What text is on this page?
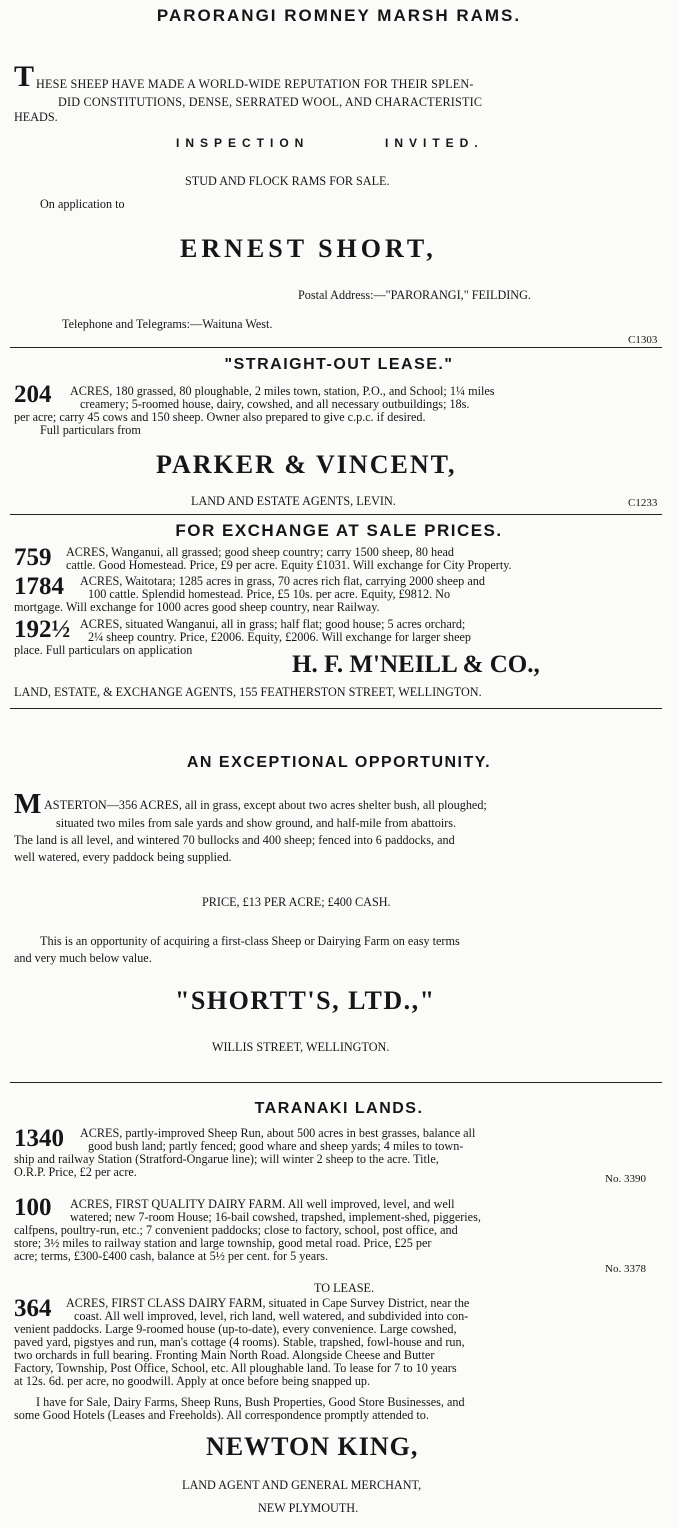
PARORANGI ROMNEY MARSH RAMS.
T HESE SHEEP HAVE MADE A WORLD-WIDE REPUTATION FOR THEIR SPLEN-
DID CONSTITUTIONS, DENSE, SERRATED WOOL, AND CHARACTERISTIC
HEADS.
INSPECTION	INVITED.
STUD AND FLOCK RAMS FOR SALE.
On application to
ERNEST SHORT,
Postal Address:—"PARORANGI," FEILDING.
Telephone and Telegrams:—Waituna West.
C1303
"STRAIGHT-OUT LEASE."
204 ACRES, 180 grassed, 80 ploughable, 2 miles town, station, P.O., and School; 1¼ miles
creamery; 5-roomed house, dairy, cowshed, and all necessary outbuildings; 18s.
per acre; carry 45 cows and 150 sheep. Owner also prepared to give c.p.c. if desired.
Full particulars from
PARKER & VINCENT,
LAND AND ESTATE AGENTS, LEVIN.	C1233
FOR EXCHANGE AT SALE PRICES.
759 ACRES, Wanganui, all grassed; good sheep country; carry 1500 sheep, 80 head
cattle. Good Homestead. Price, £9 per acre. Equity £1031. Will exchange for City Property.
1784 ACRES, Waitotara; 1285 acres in grass, 70 acres rich flat, carrying 2000 sheep and
100 cattle. Splendid homestead. Price, £5 10s. per acre. Equity, £9812. No
mortgage. Will exchange for 1000 acres good sheep country, near Railway.
192½ ACRES, situated Wanganui, all in grass; half flat; good house; 5 acres orchard;
2¼ sheep country. Price, £2006. Equity, £2006. Will exchange for larger sheep
place. Full particulars on application
H. F. M'NEILL & CO.,
LAND, ESTATE, & EXCHANGE AGENTS, 155 FEATHERSTON STREET, WELLINGTON.
AN EXCEPTIONAL OPPORTUNITY.
M ASTERTON—356 ACRES, all in grass, except about two acres shelter bush, all ploughed;
situated two miles from sale yards and show ground, and half-mile from abattoirs.
The land is all level, and wintered 70 bullocks and 400 sheep; fenced into 6 paddocks, and
well watered, every paddock being supplied.
PRICE, £13 PER ACRE; £400 CASH.
This is an opportunity of acquiring a first-class Sheep or Dairying Farm on easy terms
and very much below value.
"SHORTT'S, LTD.,"
WILLIS STREET, WELLINGTON.
TARANAKI LANDS.
1340 ACRES, partly-improved Sheep Run, about 500 acres in best grasses, balance all
good bush land; partly fenced; good whare and sheep yards; 4 miles to town-
ship and railway Station (Stratford-Ongarue line); will winter 2 sheep to the acre. Title,
O.R.P. Price, £2 per acre.	No. 3390
100 ACRES, FIRST QUALITY DAIRY FARM. All well improved, level, and well
watered; new 7-room House; 16-bail cowshed, trapshed, implement-shed, piggeries,
calfpens, poultry-run, etc.; 7 convenient paddocks; close to factory, school, post office, and
store; 3½ miles to railway station and large township, good metal road. Price, £25 per
acre; terms, £300-£400 cash, balance at 5½ per cent. for 5 years.
No. 3378
TO LEASE.
364 ACRES, FIRST CLASS DAIRY FARM, situated in Cape Survey District, near the
coast. All well improved, level, rich land, well watered, and subdivided into con-
venient paddocks. Large 9-roomed house (up-to-date), every convenience. Large cowshed,
paved yard, pigstyes and run, man's cottage (4 rooms). Stable, trapshed, fowl-house and run,
two orchards in full bearing. Fronting Main North Road. Alongside Cheese and Butter
Factory, Township, Post Office, School, etc. All ploughable land. To lease for 7 to 10 years
at 12s. 6d. per acre, no goodwill. Apply at once before being snapped up.
I have for Sale, Dairy Farms, Sheep Runs, Bush Properties, Good Store Businesses, and
some Good Hotels (Leases and Freeholds). All correspondence promptly attended to.
NEWTON KING,
LAND AGENT AND GENERAL MERCHANT,
NEW PLYMOUTH.
